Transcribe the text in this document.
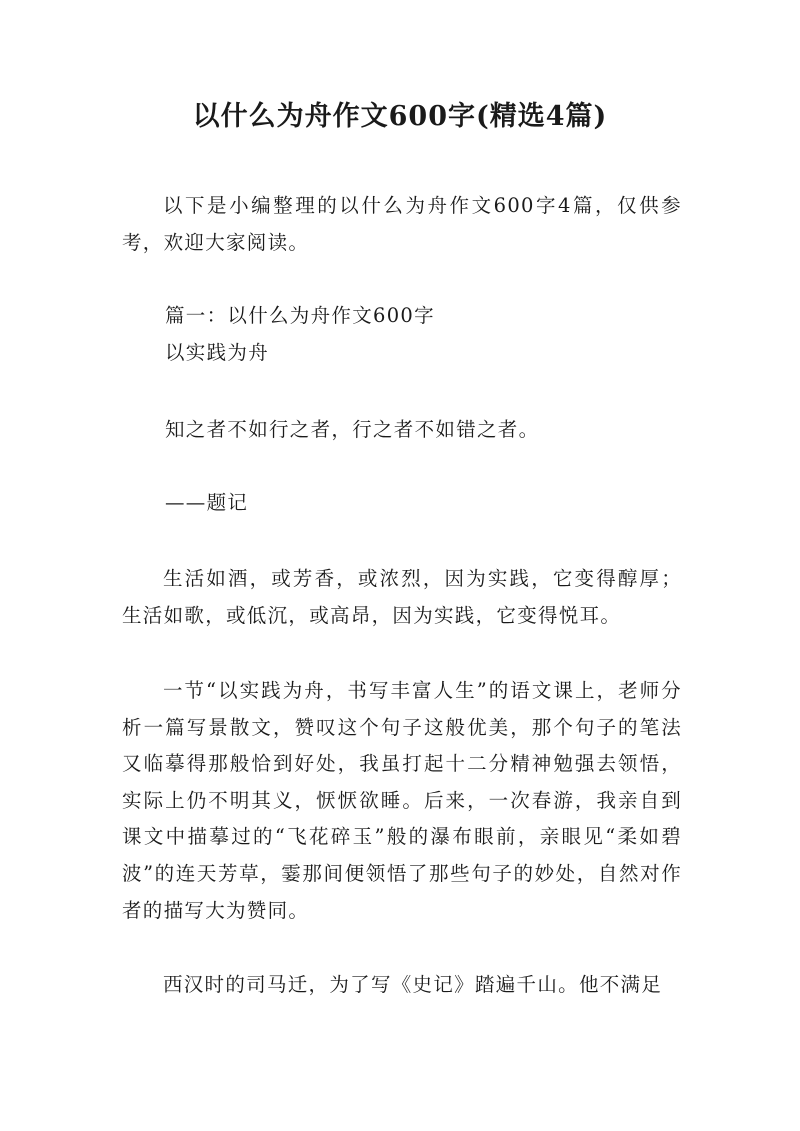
以什么为舟作文600字(精选4篇)

以下是小编整理的以什么为舟作文600字4篇，仅供参考，欢迎大家阅读。

篇一：以什么为舟作文600字

以实践为舟

知之者不如行之者，行之者不如错之者。

——题记

生活如酒，或芳香，或浓烈，因为实践，它变得醇厚；生活如歌，或低沉，或高昂，因为实践，它变得悦耳。

一节“以实践为舟，书写丰富人生”的语文课上，老师分析一篇写景散文，赞叹这个句子这般优美，那个句子的笔法又临摹得那般恰到好处，我虽打起十二分精神勉强去领悟，实际上仍不明其义，恹恹欲睡。后来，一次春游，我亲自到课文中描摹过的“飞花碎玉”般的瀑布眼前，亲眼见“柔如碧波”的连天芳草，霎那间便领悟了那些句子的妙处，自然对作者的描写大为赞同。

西汉时的司马迁，为了写《史记》踏遍千山。他不满足
